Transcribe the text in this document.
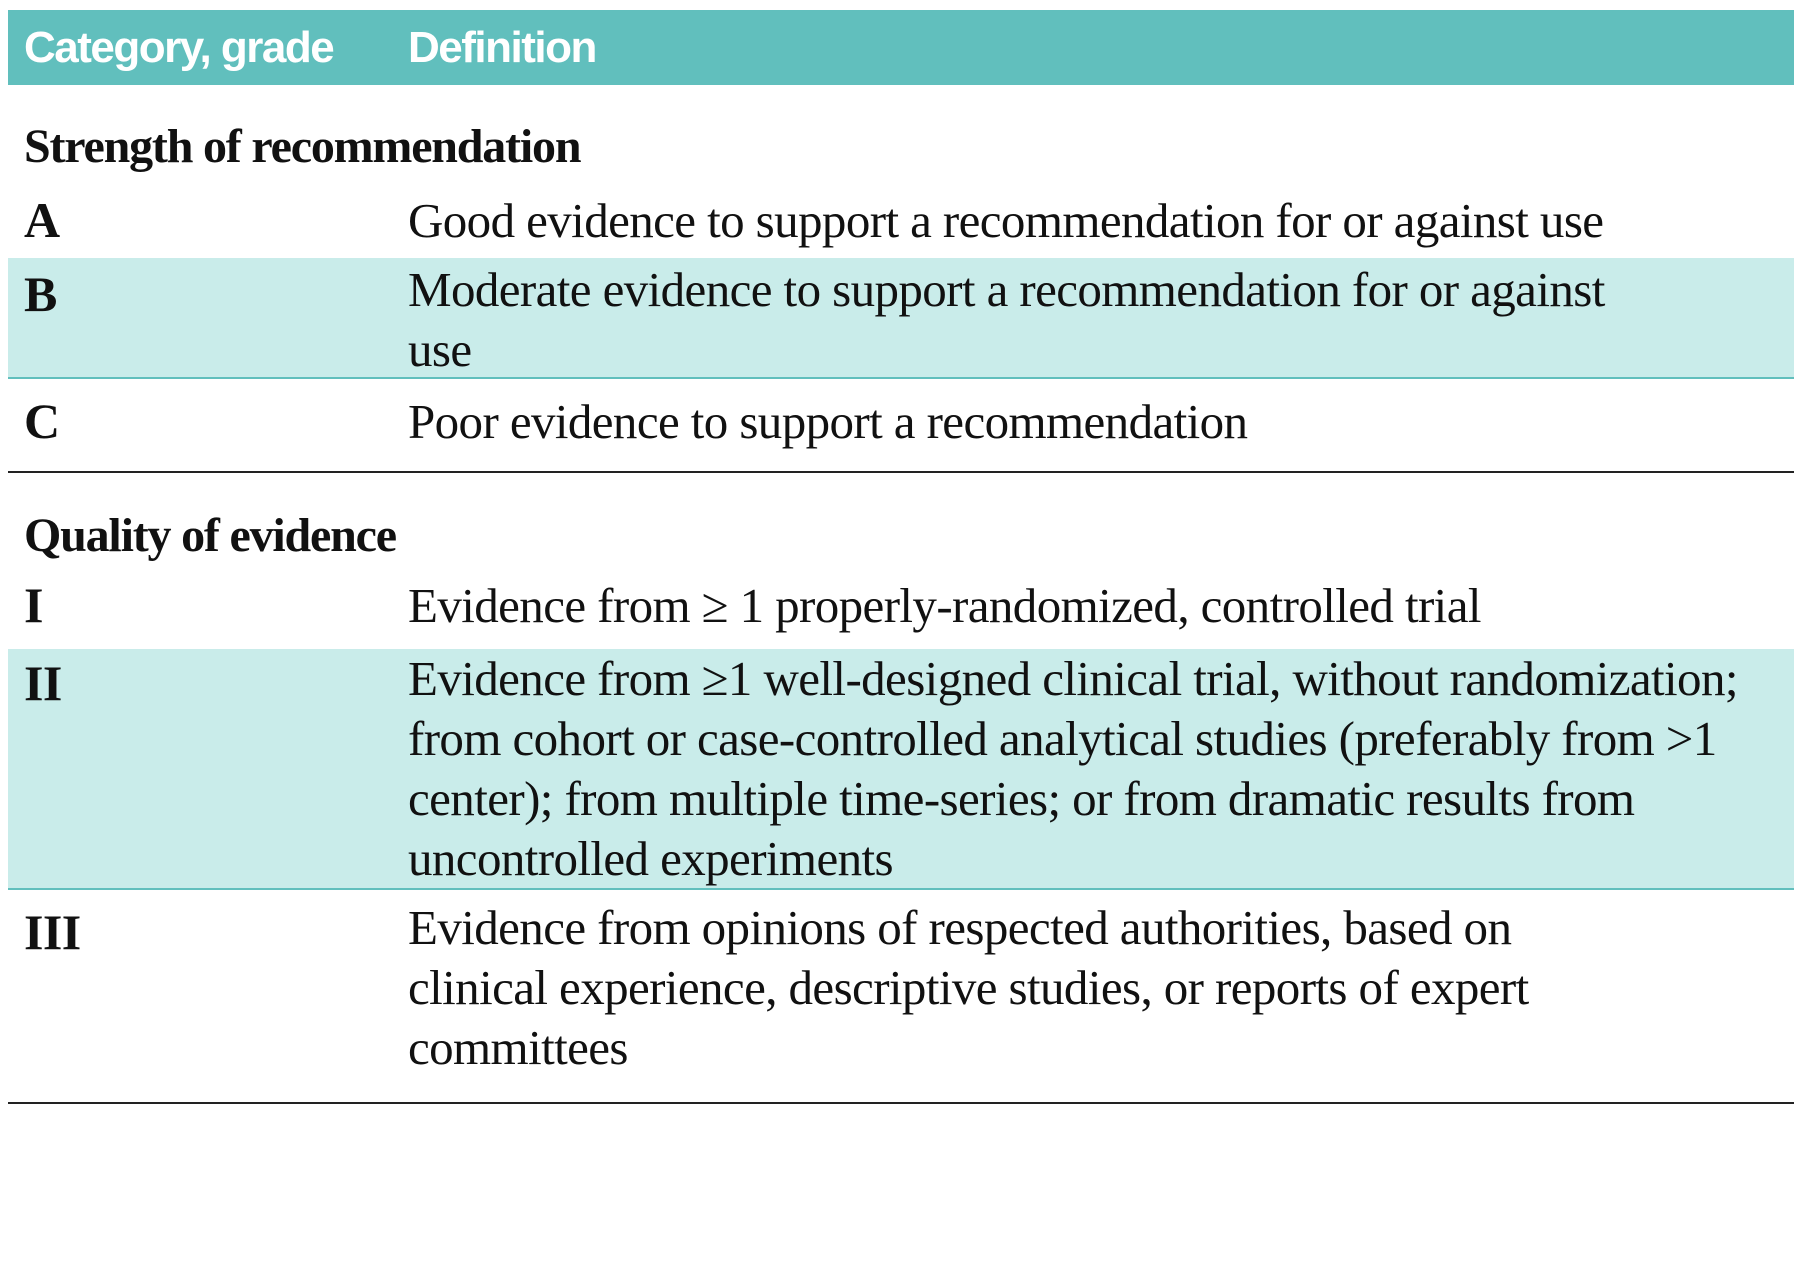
Category, grade	Definition
Strength of recommendation
A	Good evidence to support a recommendation for or against use
B	Moderate evidence to support a recommendation for or against use
C	Poor evidence to support a recommendation
Quality of evidence
I	Evidence from ≥ 1 properly-randomized, controlled trial
II	Evidence from ≥1 well-designed clinical trial, without randomization; from cohort or case-controlled analytical studies (preferably from >1 center); from multiple time-series; or from dramatic results from uncontrolled experiments
III	Evidence from opinions of respected authorities, based on clinical experience, descriptive studies, or reports of expert committees
